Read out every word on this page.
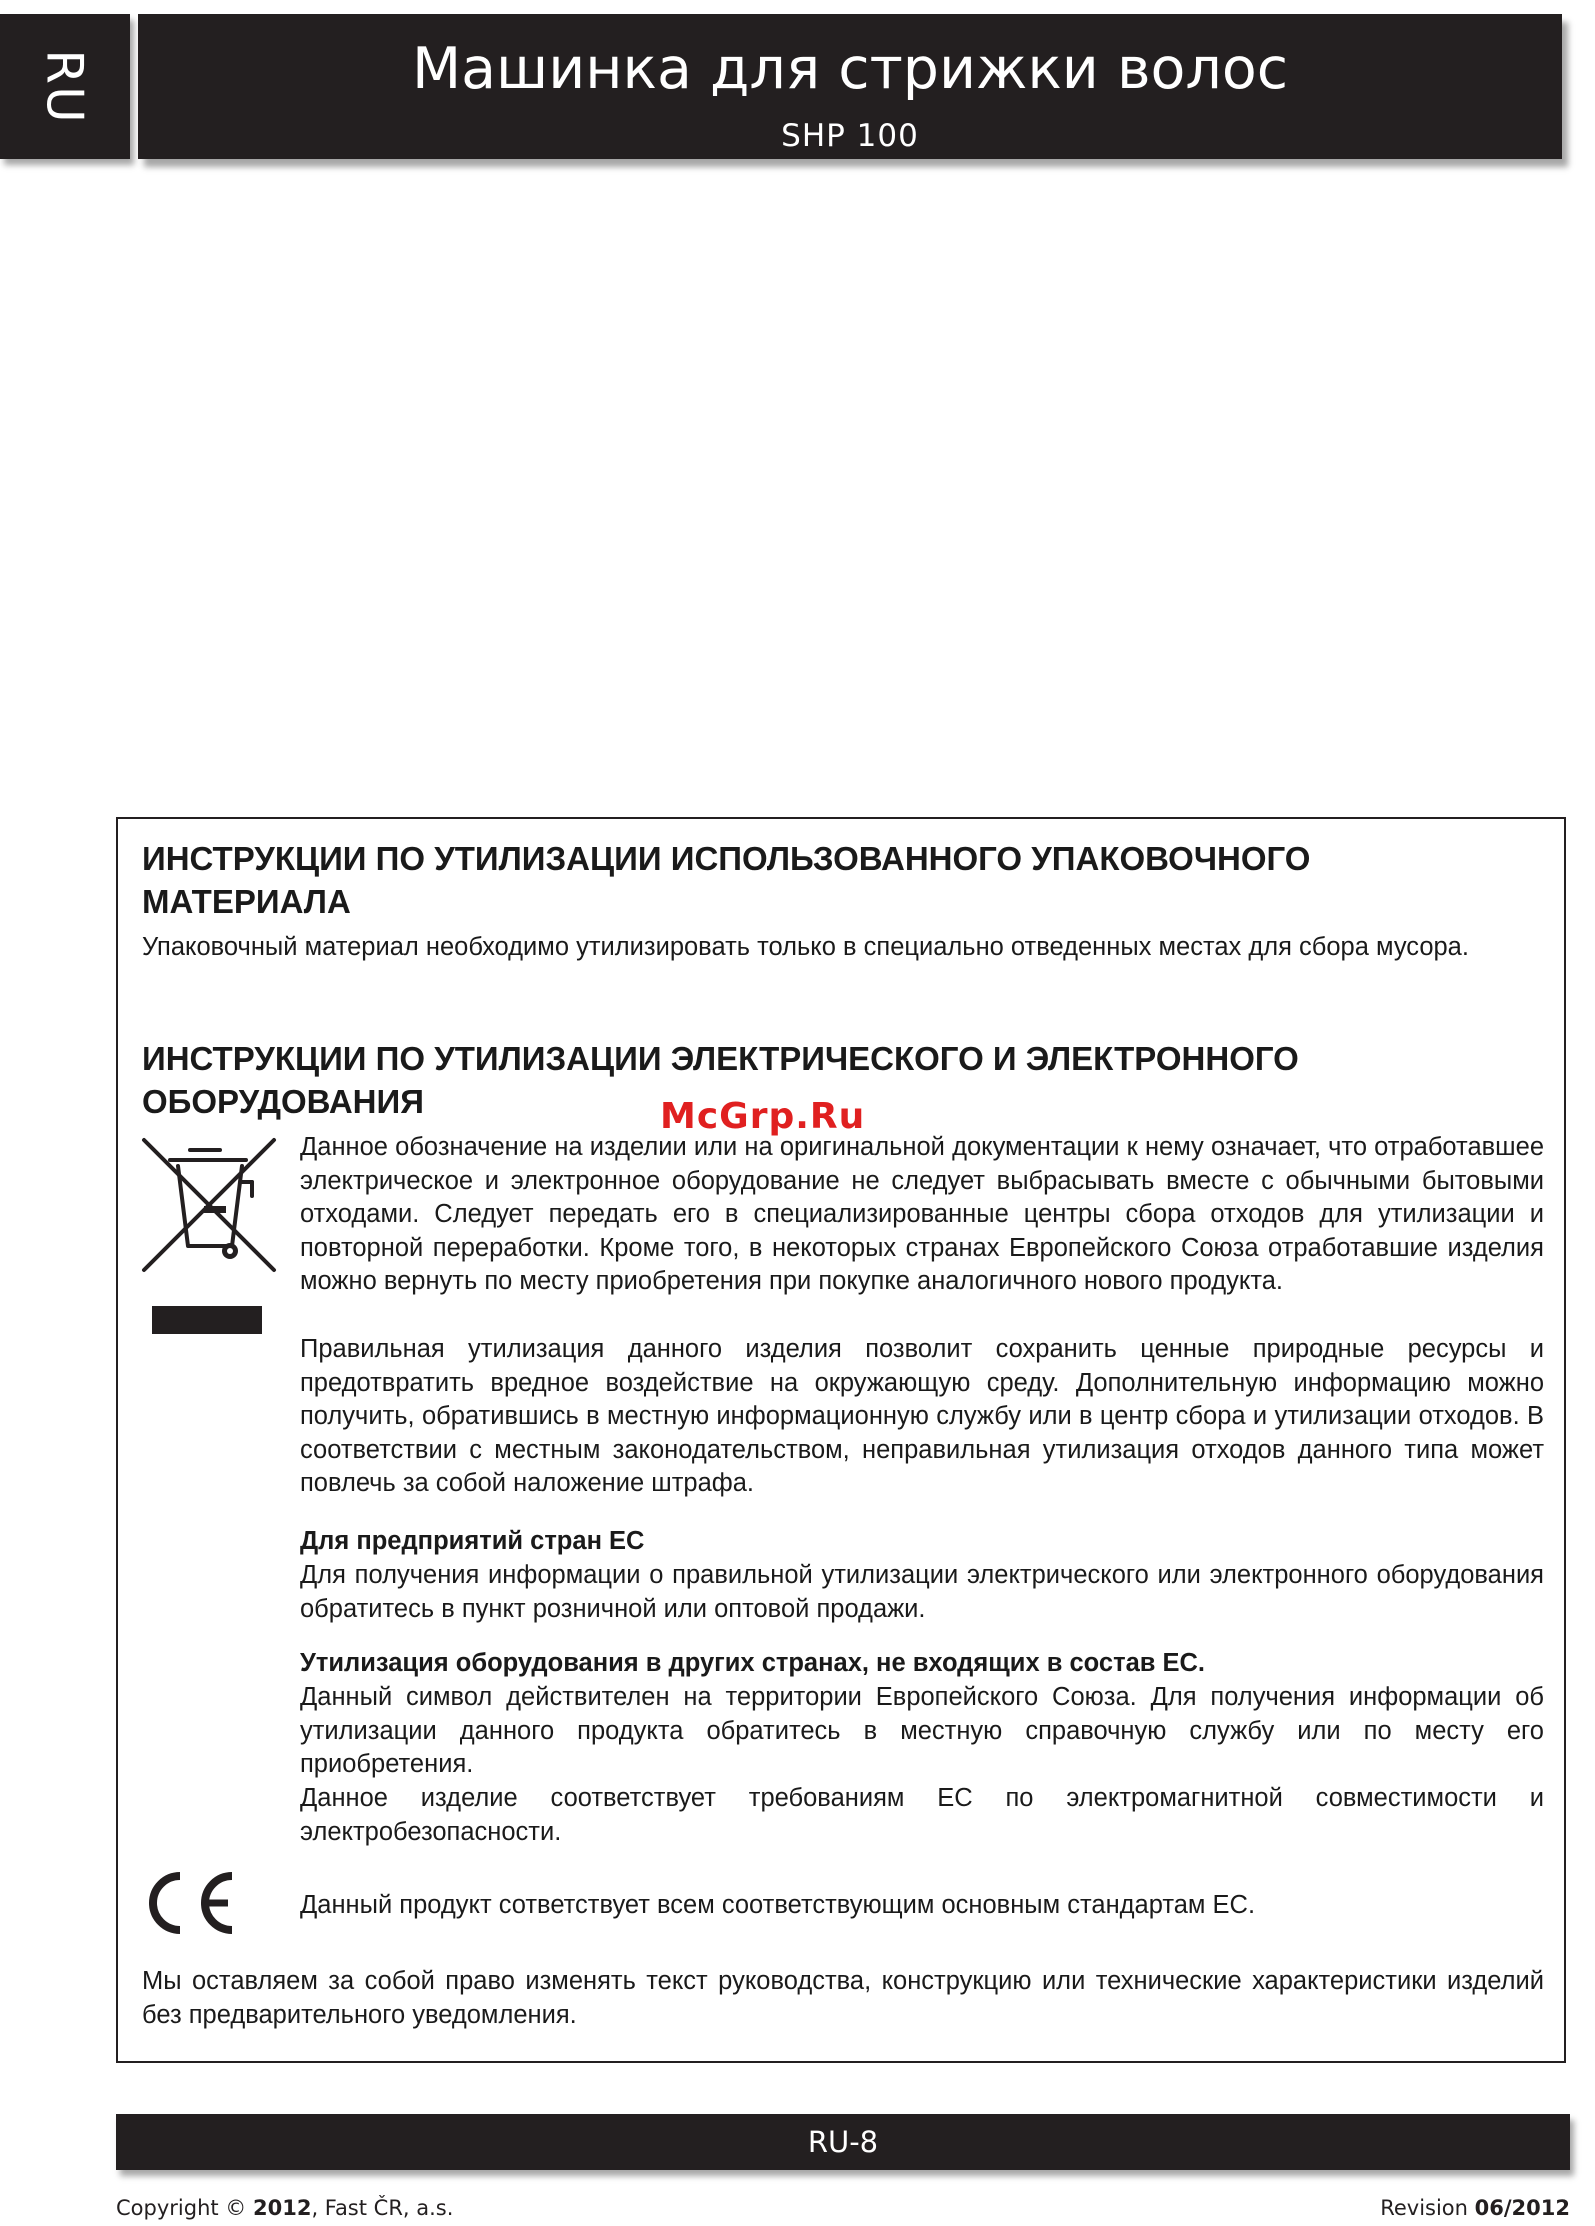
RU	Машинка для стрижки волос
SHP 100
McGrp.Ru
ИНСТРУКЦИИ ПО УТИЛИЗАЦИИ ИСПОЛЬЗОВАННОГО УПАКОВОЧНОГО МАТЕРИАЛА

Упаковочный материал необходимо утилизировать только в специально отведенных местах для сбора мусора.

ИНСТРУКЦИИ ПО УТИЛИЗАЦИИ ЭЛЕКТРИЧЕСКОГО И ЭЛЕКТРОННОГО ОБОРУДОВАНИЯ

Данное обозначение на изделии или на оригинальной документации к нему означает, что отработавшее электрическое и электронное оборудование не следует выбрасывать вместе с обычными бытовыми отходами. Следует передать его в специализированные центры сбора отходов для утилизации и повторной переработки. Кроме того, в некоторых странах Европейского Союза отработавшие изделия можно вернуть по месту приобретения при покупке аналогичного нового продукта.

Правильная утилизация данного изделия позволит сохранить ценные природные ресурсы и предотвратить вредное воздействие на окружающую среду. Дополнительную информацию можно получить, обратившись в местную информационную службу или в центр сбора и утилизации отходов. В соответствии с местным законодательством, неправильная утилизация отходов данного типа может повлечь за собой наложение штрафа.

Для предприятий стран ЕС

Для получения информации о правильной утилизации электрического или электронного оборудования обратитесь в пункт розничной или оптовой продажи.

Утилизация оборудования в других странах, не входящих в состав ЕС.

Данный символ действителен на территории Европейского Союза. Для получения информации об утилизации данного продукта обратитесь в местную справочную службу или по месту его приобретения.

Данное изделие соответствует требованиям ЕС по электромагнитной совместимости и электробезопасности.

Данный продукт сответствует всем соответствующим основным стандартам ЕС.

Мы оставляем за собой право изменять текст руководства, конструкцию или технические характеристики изделий без предварительного уведомления.

RU-8
Copyright © 2012, Fast ČR, a.s.	Revision 06/2012
